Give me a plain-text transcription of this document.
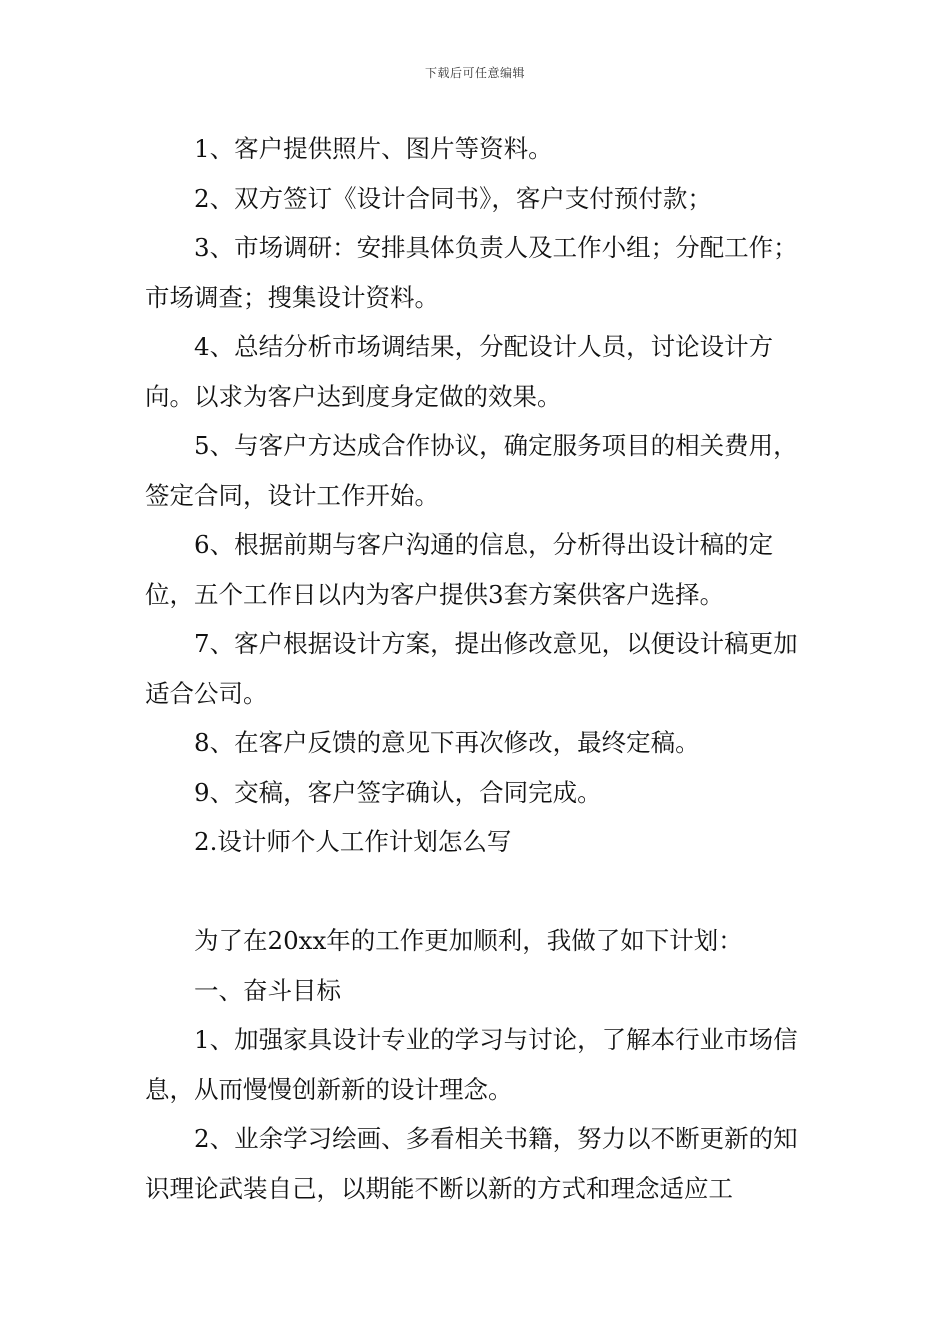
下载后可任意编辑

1、客户提供照片、图片等资料。

2、双方签订《设计合同书》，客户支付预付款；

3、市场调研：安排具体负责人及工作小组；分配工作；市场调查；搜集设计资料。

4、总结分析市场调结果，分配设计人员，讨论设计方向。以求为客户达到度身定做的效果。

5、与客户方达成合作协议，确定服务项目的相关费用，签定合同，设计工作开始。

6、根据前期与客户沟通的信息，分析得出设计稿的定位，五个工作日以内为客户提供3套方案供客户选择。

7、客户根据设计方案，提出修改意见，以便设计稿更加适合公司。

8、在客户反馈的意见下再次修改，最终定稿。

9、交稿，客户签字确认，合同完成。

2.设计师个人工作计划怎么写

为了在20xx年的工作更加顺利，我做了如下计划：

一、奋斗目标

1、加强家具设计专业的学习与讨论，了解本行业市场信息，从而慢慢创新新的设计理念。

2、业余学习绘画、多看相关书籍，努力以不断更新的知识理论武装自己，以期能不断以新的方式和理念适应工
